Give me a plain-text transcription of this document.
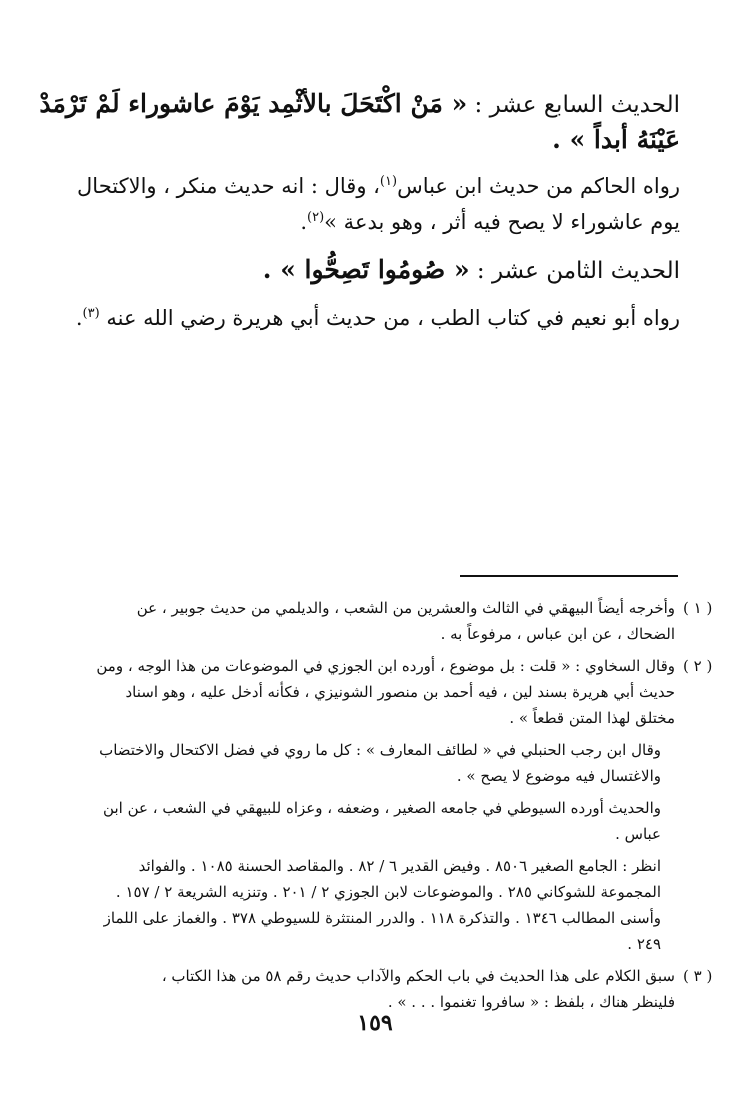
الحديث السابع عشر : « مَنْ اكْتَحَلَ بالأثْمِد يَوْمَ عاشوراء لَمْ تَرْمَدْ
عَيْنَهُ أبداً » .
رواه الحاكم من حديث ابن عباس$^{(١)}$، وقال : انه حديث منكر ، والاكتحال
يوم عاشوراء لا يصح فيه أثر ، وهو بدعة »$^{(٢)}$.
الحديث الثامن عشر : « صُومُوا تَصِحُّوا » .
رواه أبو نعيم في كتاب الطب ، من حديث أبي هريرة رضي الله عنه $^{(٣)}$.
( ١ )
وأخرجه أيضاً البيهقي في الثالث والعشرين من الشعب ، والديلمي من حديث جوبير ، عن
الضحاك ، عن ابن عباس ، مرفوعاً به .
( ٢ )
وقال السخاوي : « قلت : بل موضوع ، أورده ابن الجوزي في الموضوعات من هذا الوجه ، ومن
حديث أبي هريرة بسند لين ، فيه أحمد بن منصور الشونيزي ، فكأنه أدخل عليه ، وهو اسناد
مختلق لهذا المتن قطعاً » .
وقال ابن رجب الحنبلي في « لطائف المعارف » : كل ما روي في فضل الاكتحال والاختضاب
والاغتسال فيه موضوع لا يصح » .
والحديث أورده السيوطي في جامعه الصغير ، وضعفه ، وعزاه للبيهقي في الشعب ، عن ابن
عباس .
انظر : الجامع الصغير ٨٥٠٦ . وفيض القدير ٦ / ٨٢ . والمقاصد الحسنة ١٠٨٥ . والفوائد
المجموعة للشوكاني ٢٨٥ . والموضوعات لابن الجوزي ٢ / ٢٠١ . وتنزيه الشريعة ٢ / ١٥٧ .
وأسنى المطالب ١٣٤٦ . والتذكرة ١١٨ . والدرر المنتثرة للسيوطي ٣٧٨ . والغماز على اللماز
٢٤٩ .
( ٣ )
سبق الكلام على هذا الحديث في باب الحكم والآداب حديث رقم ٥٨ من هذا الكتاب ،
فلينظر هناك ، بلفظ : « سافروا تغنموا . . . » .
١٥٩
